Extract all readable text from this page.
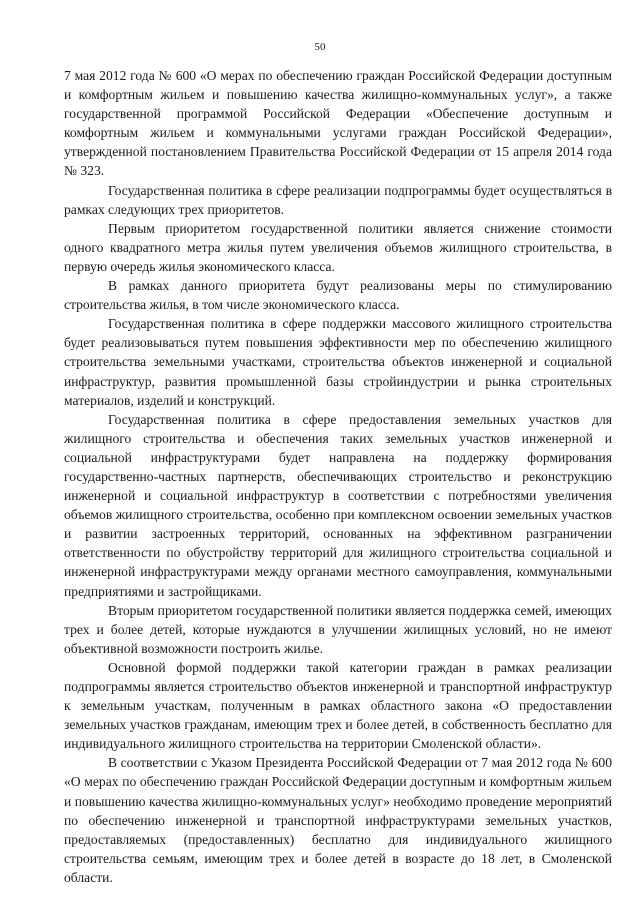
50

7 мая 2012 года № 600 «О мерах по обеспечению граждан Российской Федерации доступным и комфортным жильем и повышению качества жилищно-коммунальных услуг», а также государственной программой Российской Федерации «Обеспечение доступным и комфортным жильем и коммунальными услугами граждан Российской Федерации», утвержденной постановлением Правительства Российской Федерации от 15 апреля 2014 года № 323.

Государственная политика в сфере реализации подпрограммы будет осуществляться в рамках следующих трех приоритетов.

Первым приоритетом государственной политики является снижение стоимости одного квадратного метра жилья путем увеличения объемов жилищного строительства, в первую очередь жилья экономического класса.

В рамках данного приоритета будут реализованы меры по стимулированию строительства жилья, в том числе экономического класса.

Государственная политика в сфере поддержки массового жилищного строительства будет реализовываться путем повышения эффективности мер по обеспечению жилищного строительства земельными участками, строительства объектов инженерной и социальной инфраструктур, развития промышленной базы стройиндустрии и рынка строительных материалов, изделий и конструкций.

Государственная политика в сфере предоставления земельных участков для жилищного строительства и обеспечения таких земельных участков инженерной и социальной инфраструктурами будет направлена на поддержку формирования государственно-частных партнерств, обеспечивающих строительство и реконструкцию инженерной и социальной инфраструктур в соответствии с потребностями увеличения объемов жилищного строительства, особенно при комплексном освоении земельных участков и развитии застроенных территорий, основанных на эффективном разграничении ответственности по обустройству территорий для жилищного строительства социальной и инженерной инфраструктурами между органами местного самоуправления, коммунальными предприятиями и застройщиками.

Вторым приоритетом государственной политики является поддержка семей, имеющих трех и более детей, которые нуждаются в улучшении жилищных условий, но не имеют объективной возможности построить жилье.

Основной формой поддержки такой категории граждан в рамках реализации подпрограммы является строительство объектов инженерной и транспортной инфраструктур к земельным участкам, полученным в рамках областного закона «О предоставлении земельных участков гражданам, имеющим трех и более детей, в собственность бесплатно для индивидуального жилищного строительства на территории Смоленской области».

В соответствии с Указом Президента Российской Федерации от 7 мая 2012 года № 600 «О мерах по обеспечению граждан Российской Федерации доступным и комфортным жильем и повышению качества жилищно-коммунальных услуг» необходимо проведение мероприятий по обеспечению инженерной и транспортной инфраструктурами земельных участков, предоставляемых (предоставленных) бесплатно для индивидуального жилищного строительства семьям, имеющим трех и более детей в возрасте до 18 лет, в Смоленской области.
